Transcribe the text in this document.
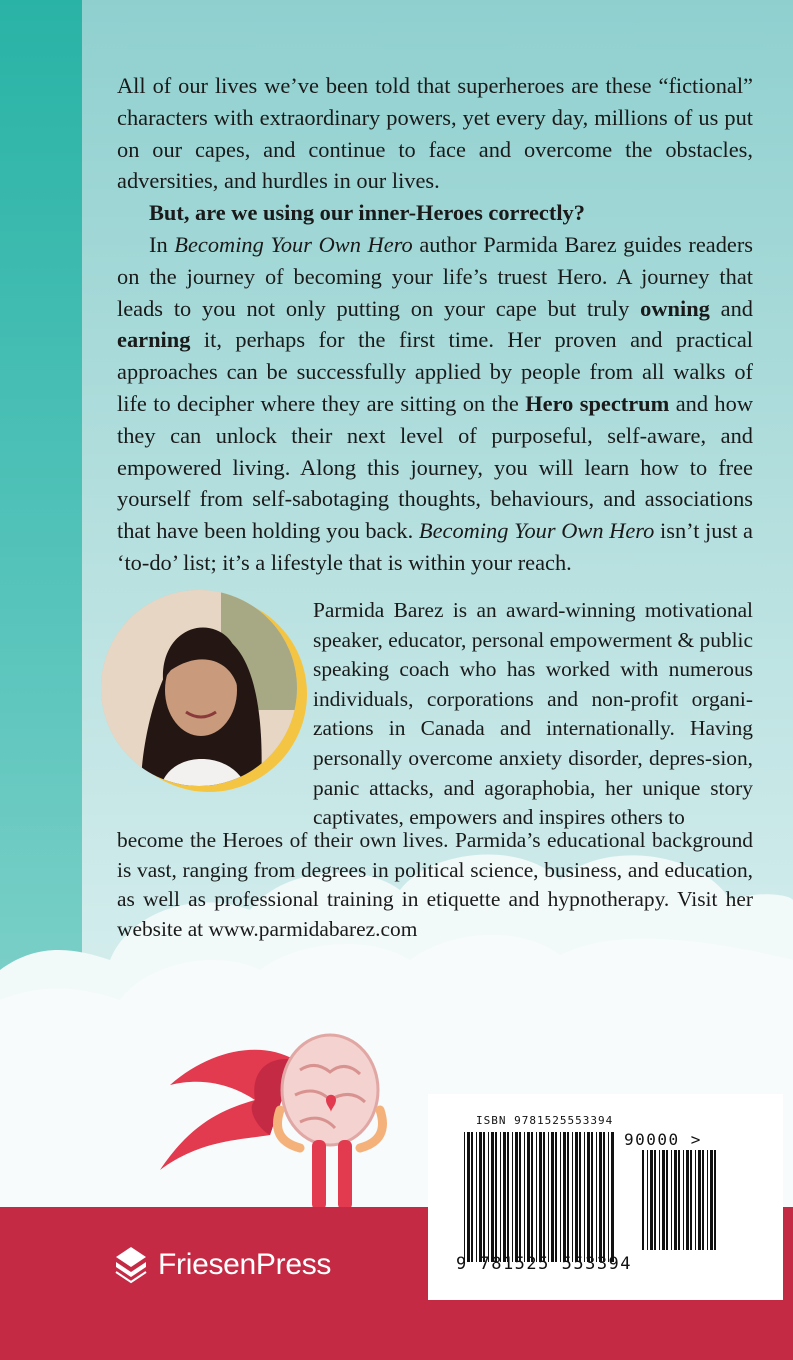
All of our lives we’ve been told that superheroes are these “fictional” characters with extraordinary powers, yet every day, millions of us put on our capes, and continue to face and overcome the obstacles, adversities, and hurdles in our lives.

But, are we using our inner-Heroes correctly?

In Becoming Your Own Hero author Parmida Barez guides readers on the journey of becoming your life’s truest Hero. A journey that leads to you not only putting on your cape but truly owning and earning it, perhaps for the first time. Her proven and practical approaches can be successfully applied by people from all walks of life to decipher where they are sitting on the Hero spectrum and how they can unlock their next level of purposeful, self-aware, and empowered living. Along this journey, you will learn how to free yourself from self-sabotaging thoughts, behaviours, and associations that have been holding you back. Becoming Your Own Hero isn’t just a ‘to-do’ list; it’s a lifestyle that is within your reach.

Parmida Barez is an award-winning motivational speaker, educator, personal empowerment & public speaking coach who has worked with numerous individuals, corporations and non-profit organi-zations in Canada and internationally. Having personally overcome anxiety disorder, depres-sion, panic attacks, and agoraphobia, her unique story captivates, empowers and inspires others to

become the Heroes of their own lives. Parmida’s educational background is vast, ranging from degrees in political science, business, and education, as well as professional training in etiquette and hypnotherapy. Visit her website at www.parmidabarez.com

FriesenPress
ISBN 9781525553394
90000 >
9 781525 553394
